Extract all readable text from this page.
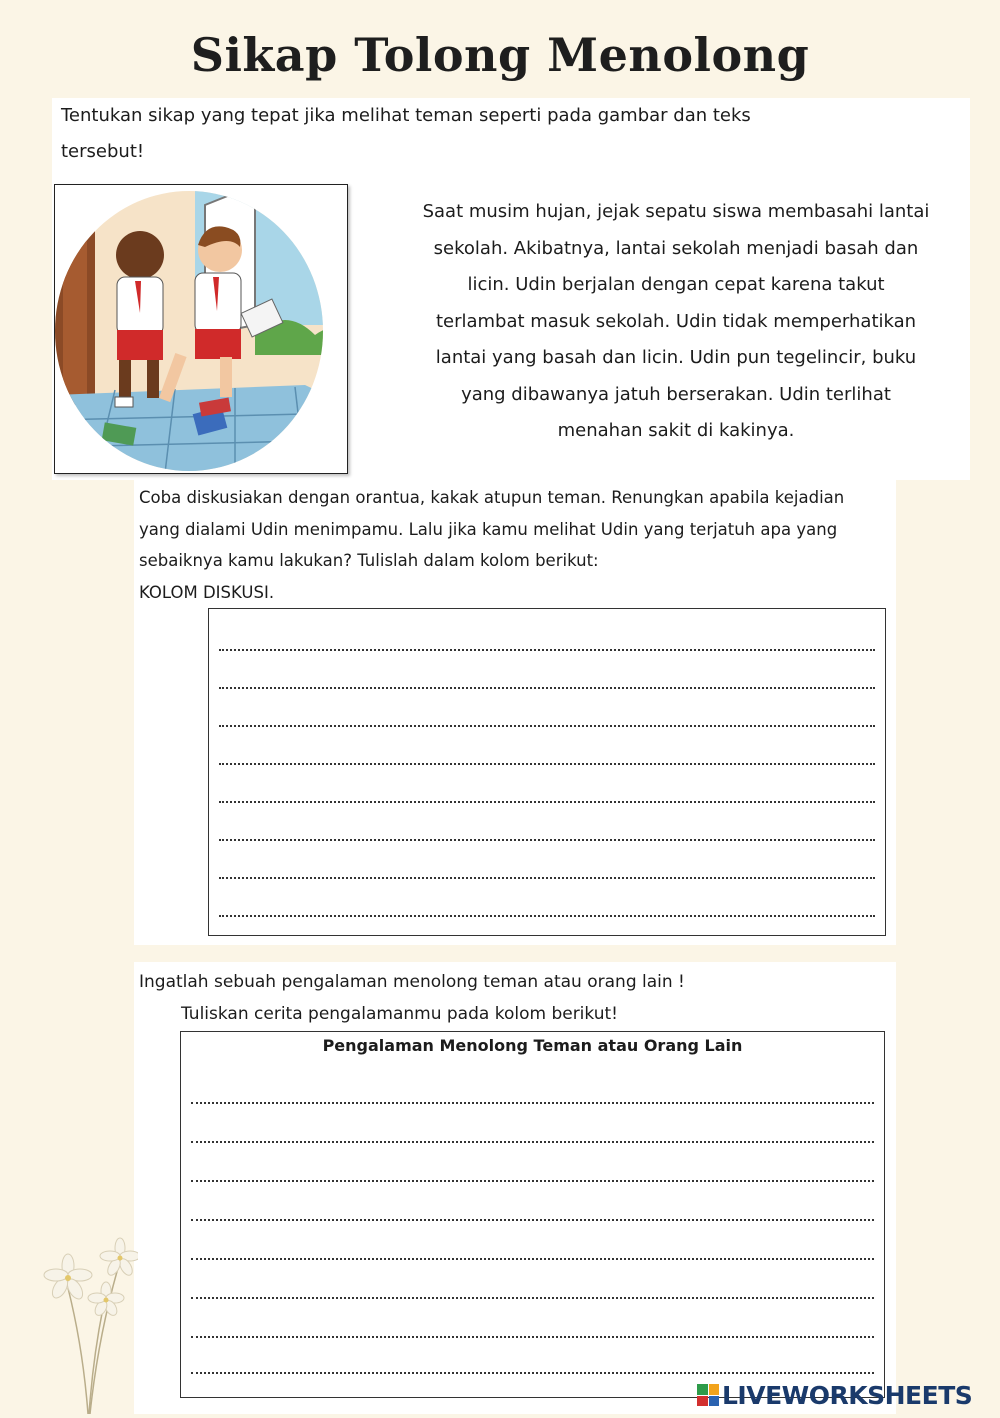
Sikap Tolong Menolong
Tentukan sikap yang tepat jika melihat teman seperti pada gambar dan teks
tersebut!
Saat musim hujan, jejak sepatu siswa membasahi lantai
sekolah. Akibatnya, lantai sekolah menjadi basah dan
licin. Udin berjalan dengan cepat karena takut
terlambat masuk sekolah. Udin tidak memperhatikan
lantai yang basah dan licin. Udin pun tegelincir, buku
yang dibawanya jatuh berserakan. Udin terlihat
menahan sakit di kakinya.
Coba diskusiakan dengan orantua, kakak atupun teman. Renungkan apabila kejadian
yang dialami Udin menimpamu. Lalu jika kamu melihat Udin yang terjatuh apa yang
sebaiknya kamu lakukan? Tulislah dalam kolom berikut:
KOLOM DISKUSI.
Ingatlah sebuah pengalaman menolong teman atau orang lain !
Tuliskan cerita pengalamanmu pada kolom berikut!
Pengalaman Menolong Teman atau Orang Lain
LIVEWORKSHEETS
